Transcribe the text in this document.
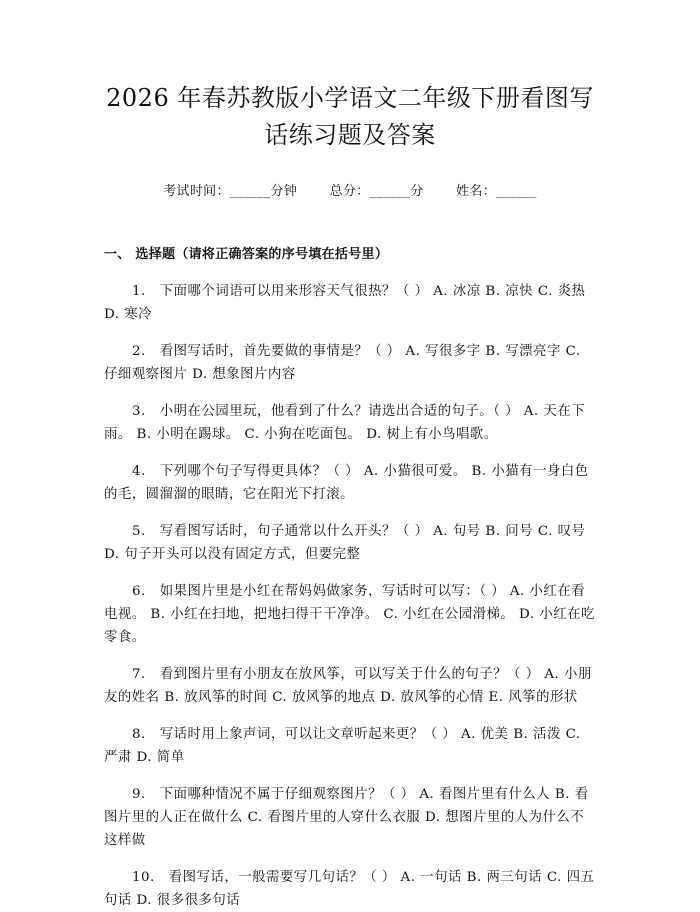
2026 年春苏教版小学语文二年级下册看图写
话练习题及答案
考试时间：______分钟 总分：______分 姓名：______
一、 选择题（请将正确答案的序号填在括号里）

1. 下面哪个词语可以用来形容天气很热？（ ） A. 冰凉 B. 凉快 C. 炎热 D. 寒冷

2. 看图写话时，首先要做的事情是？（ ） A. 写很多字 B. 写漂亮字 C. 仔细观察图片 D. 想象图片内容

3. 小明在公园里玩，他看到了什么？请选出合适的句子。（ ） A. 天在下雨。 B. 小明在踢球。 C. 小狗在吃面包。 D. 树上有小鸟唱歌。

4. 下列哪个句子写得更具体？（ ） A. 小猫很可爱。 B. 小猫有一身白色的毛，圆溜溜的眼睛，它在阳光下打滚。

5. 写看图写话时，句子通常以什么开头？（ ） A. 句号 B. 问号 C. 叹号 D. 句子开头可以没有固定方式，但要完整

6. 如果图片里是小红在帮妈妈做家务，写话时可以写：（ ） A. 小红在看电视。 B. 小红在扫地，把地扫得干干净净。 C. 小红在公园滑梯。 D. 小红在吃零食。

7. 看到图片里有小朋友在放风筝，可以写关于什么的句子？（ ） A. 小朋友的姓名 B. 放风筝的时间 C. 放风筝的地点 D. 放风筝的心情 E. 风筝的形状

8. 写话时用上象声词，可以让文章听起来更？（ ） A. 优美 B. 活泼 C. 严肃 D. 简单

9. 下面哪种情况不属于仔细观察图片？（ ） A. 看图片里有什么人 B. 看图片里的人正在做什么 C. 看图片里的人穿什么衣服 D. 想图片里的人为什么不这样做

10. 看图写话，一般需要写几句话？（ ） A. 一句话 B. 两三句话 C. 四五句话 D. 很多很多句话
